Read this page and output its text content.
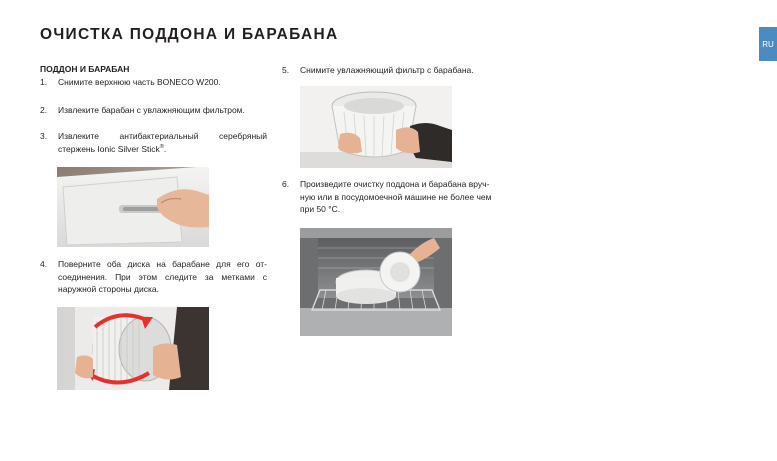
ОЧИСТКА ПОДДОНА И БАРАБАНА
RU
ПОДДОН И БАРАБАН
1. Снимите верхнюю часть BONECO W200.
2. Извлеките барабан с увлажняющим фильтром.
3. Извлеките антибактериальный серебряный
стержень Ionic Silver Stick®.
4. Поверните оба диска на барабане для его от-
соединения. При этом следите за метками с
наружной стороны диска.
5. Снимите увлажняющий фильтр с барабана.
6. Произведите очистку поддона и барабана вруч-
ную или в посудомоечной машине не более чем
при 50 °C.
